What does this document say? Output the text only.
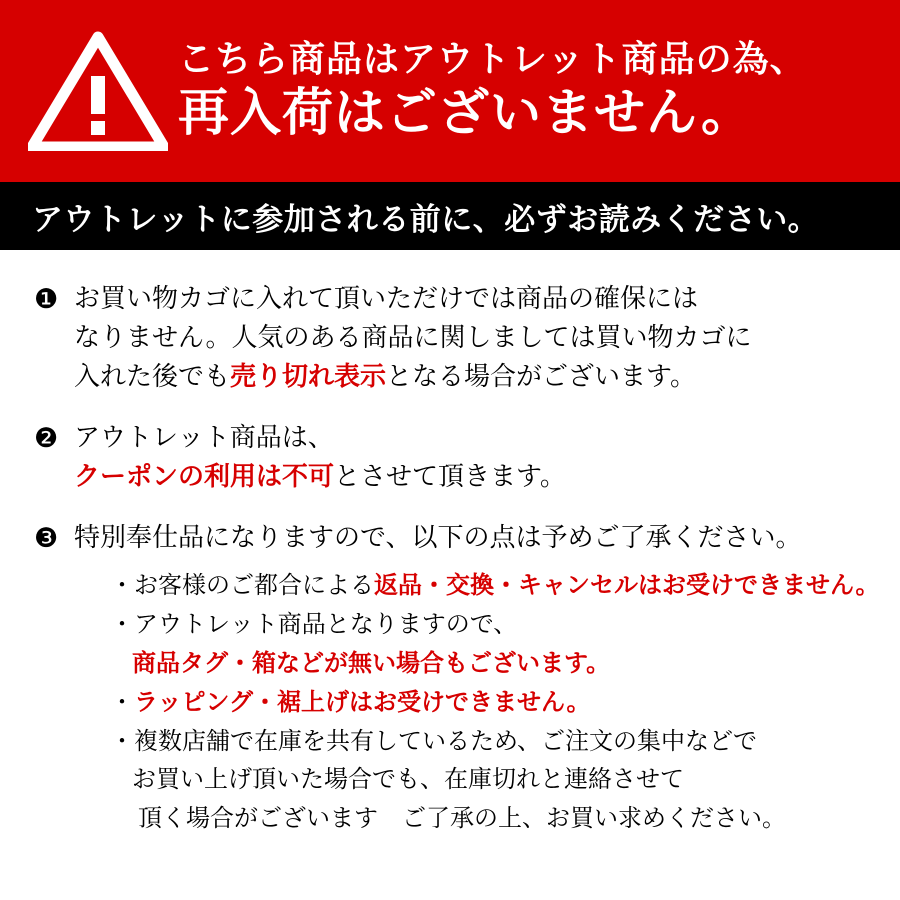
こちら商品はアウトレット商品の為、
再入荷はございません。
アウトレットに参加される前に、必ずお読みください。
❶ お買い物カゴに入れて頂いただけでは商品の確保には
なりません。人気のある商品に関しましては買い物カゴに
入れた後でも売り切れ表示となる場合がございます。
❷ アウトレット商品は、
クーポンの利用は不可とさせて頂きます。
❸ 特別奉仕品になりますので、以下の点は予めご了承ください。
・お客様のご都合による返品・交換・キャンセルはお受けできません。
・アウトレット商品となりますので、
商品タグ・箱などが無い場合もございます。
・ラッピング・裾上げはお受けできません。
・複数店舗で在庫を共有しているため、ご注文の集中などで
お買い上げ頂いた場合でも、在庫切れと連絡させて
頂く場合がございます　ご了承の上、お買い求めください。
